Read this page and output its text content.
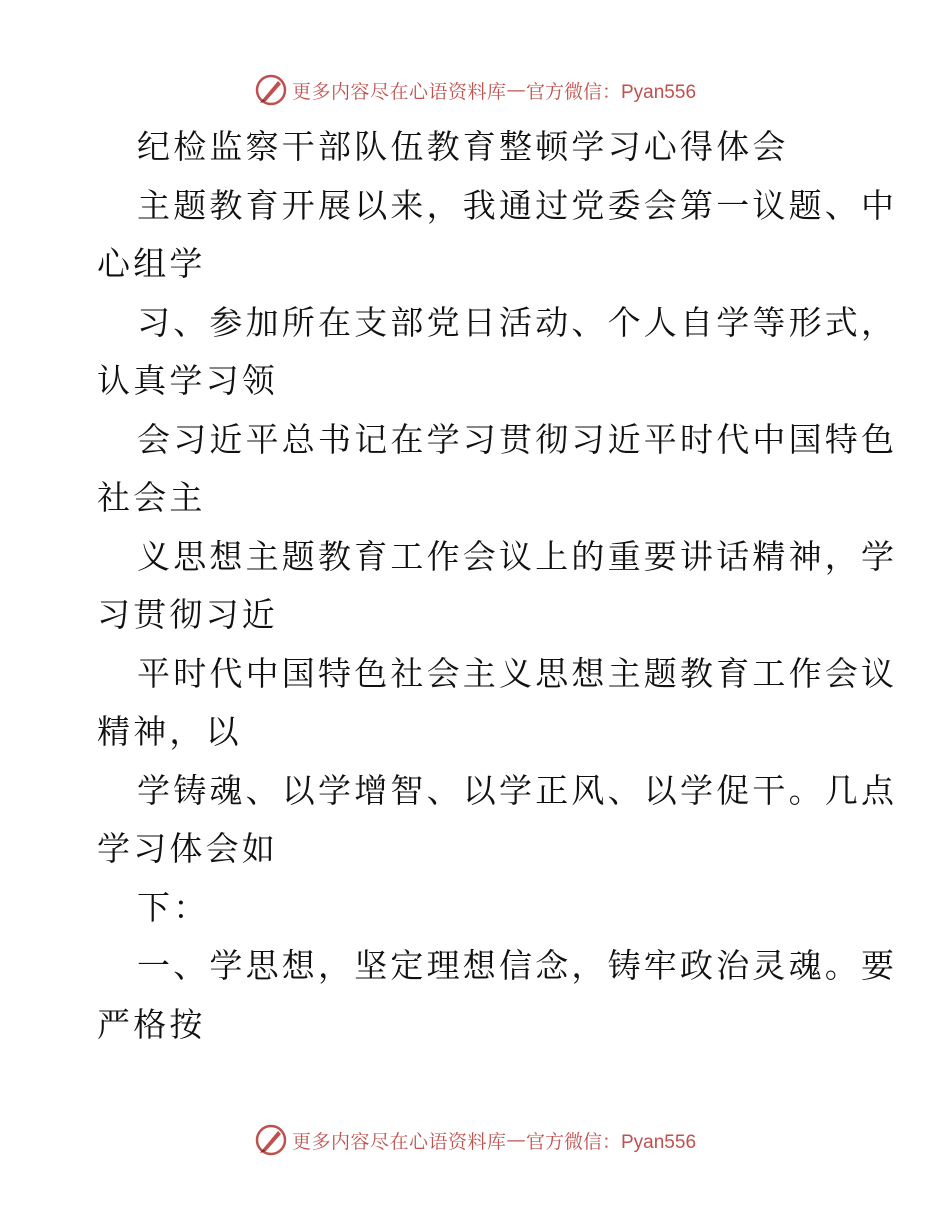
更多内容尽在心语资料库 — 官方微信：Pyan556
纪检监察干部队伍教育整顿学习心得体会
主题教育开展以来，我通过党委会第一议题、中
心组学
习、参加所在支部党日活动、个人自学等形式，
认真学习领
会习近平总书记在学习贯彻习近平时代中国特色
社会主
义思想主题教育工作会议上的重要讲话精神，学
习贯彻习近
平时代中国特色社会主义思想主题教育工作会议
精神，以
学铸魂、以学增智、以学正风、以学促干。几点
学习体会如
下：
一、学思想，坚定理想信念，铸牢政治灵魂。要
严格按
更多内容尽在心语资料库 — 官方微信：Pyan556
